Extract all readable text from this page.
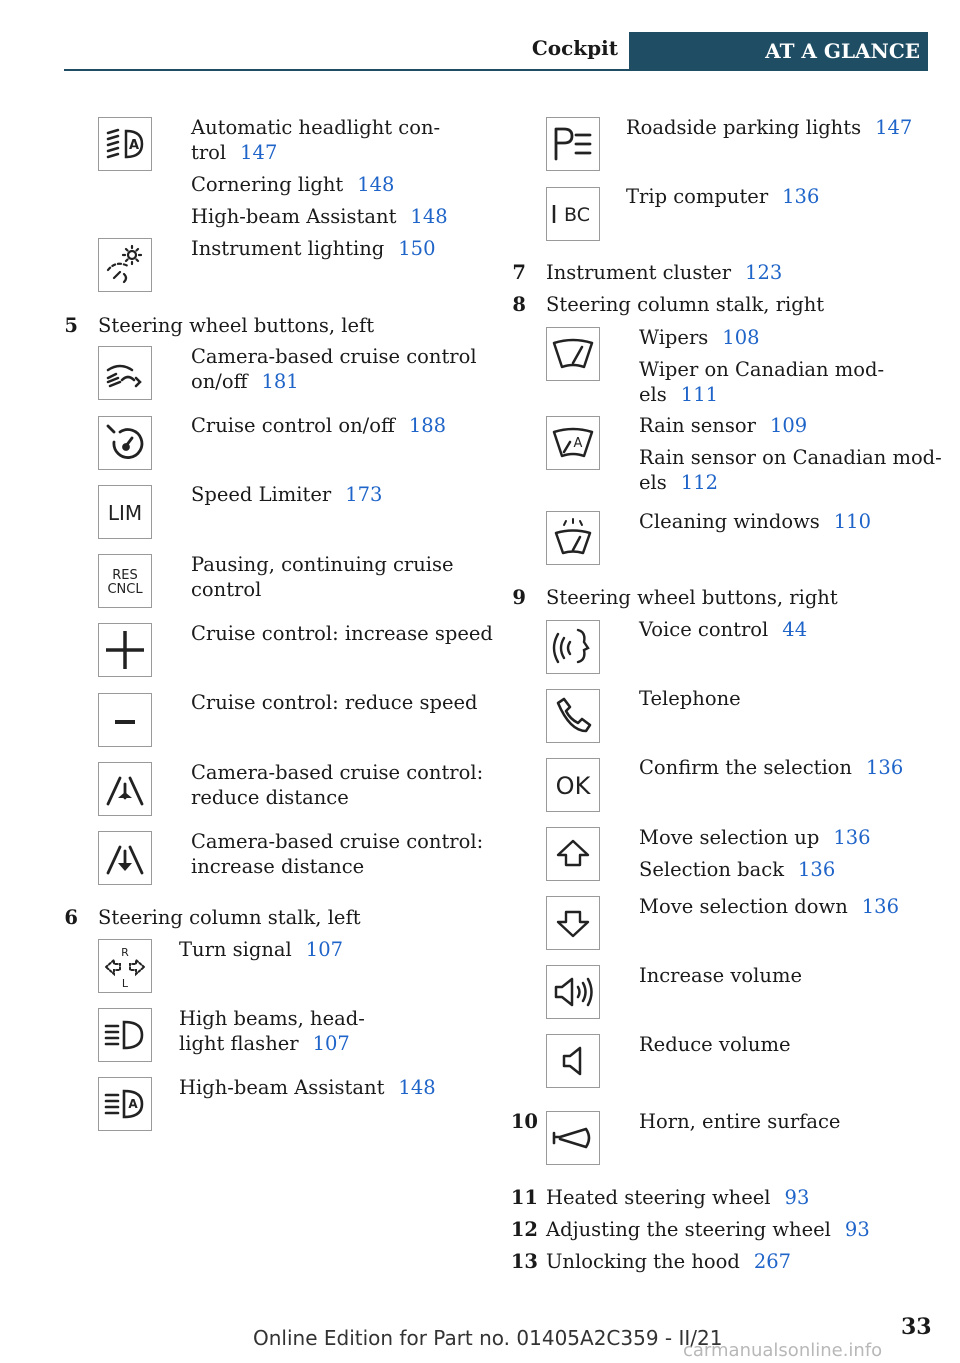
Cockpit	AT A GLANCE
A
Automatic headlight con-
trol 147
Cornering light 148
High-beam Assistant 148
Instrument lighting 150
5 Steering wheel buttons, left
Camera-based cruise control
on/off 181
Cruise control on/off 188
LIM
Speed Limiter 173
RES
CNCL
Pausing, continuing cruise
control
Cruise control: increase speed
Cruise control: reduce speed
Camera-based cruise control:
reduce distance
Camera-based cruise control:
increase distance
6 Steering column stalk, left
R
L
Turn signal 107
High beams, head-
light flasher 107
A
High-beam Assistant 148
Roadside parking lights 147
BC
Trip computer 136
7 Instrument cluster 123
8 Steering column stalk, right
Wipers 108
Wiper on Canadian mod-
els 111
A
Rain sensor 109
Rain sensor on Canadian mod-
els 112
Cleaning windows 110
9 Steering wheel buttons, right
Voice control 44
Telephone
OK
Confirm the selection 136
Move selection up 136
Selection back 136
Move selection down 136
Increase volume
Reduce volume
10	Horn, entire surface
11 Heated steering wheel 93
12 Adjusting the steering wheel 93
13 Unlocking the hood 267
Online Edition for Part no. 01405A2C359 - II/21	33
carmanualsonline.info
